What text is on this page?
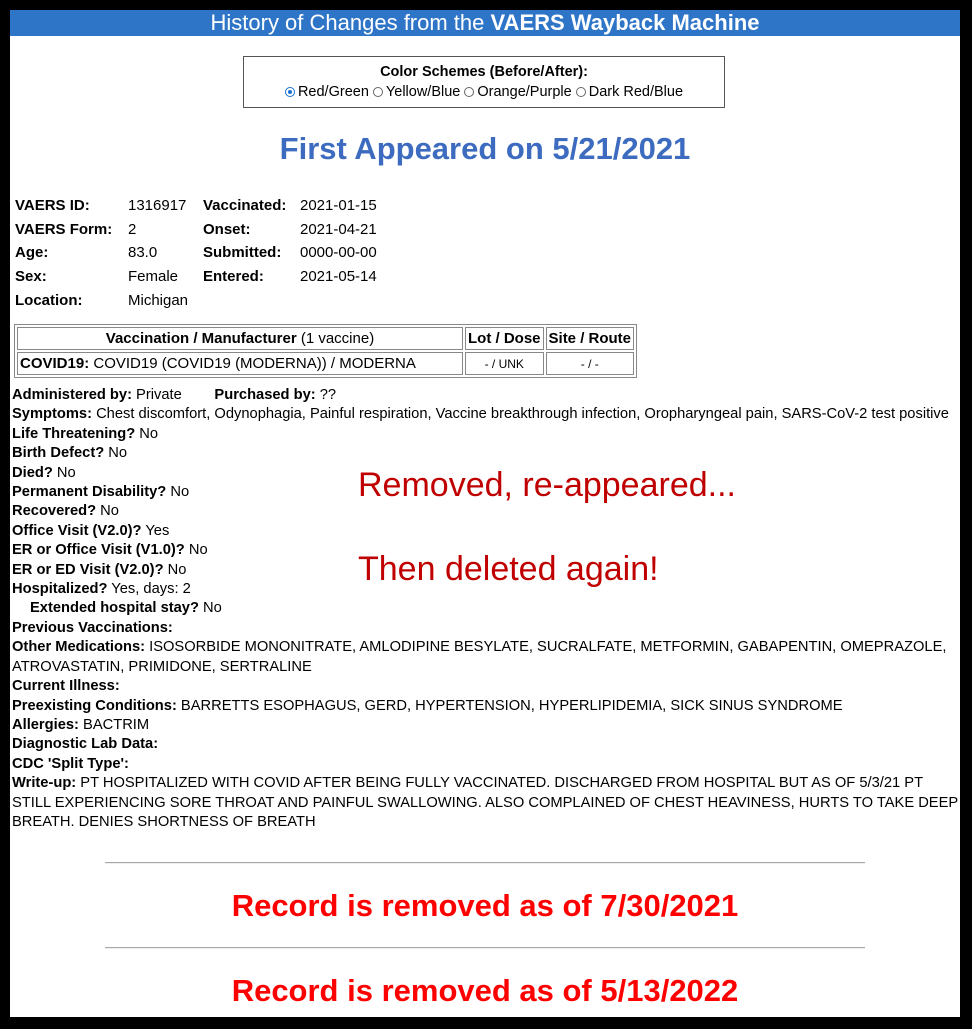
History of Changes from the VAERS Wayback Machine
Color Schemes (Before/After):
Red/Green Yellow/Blue Orange/Purple Dark Red/Blue
First Appeared on 5/21/2021
VAERS ID:	1316917	Vaccinated:	2021-01-15
VAERS Form:	2	Onset:	2021-04-21
Age:	83.0	Submitted:	0000-00-00
Sex:	Female	Entered:	2021-05-14
Location:	Michigan		
Vaccination / Manufacturer (1 vaccine)	Lot / Dose	Site / Route
COVID19: COVID19 (COVID19 (MODERNA)) / MODERNA	- / UNK	- / -
Administered by: Private Purchased by: ??
Symptoms: Chest discomfort, Odynophagia, Painful respiration, Vaccine breakthrough infection, Oropharyngeal pain, SARS-CoV-2 test positive
Life Threatening? No
Birth Defect? No
Died? No
Permanent Disability? No
Recovered? No
Office Visit (V2.0)? Yes
ER or Office Visit (V1.0)? No
ER or ED Visit (V2.0)? No
Hospitalized? Yes, days: 2
Extended hospital stay? No
Previous Vaccinations:
Other Medications: ISOSORBIDE MONONITRATE, AMLODIPINE BESYLATE, SUCRALFATE, METFORMIN, GABAPENTIN, OMEPRAZOLE, ATROVASTATIN, PRIMIDONE, SERTRALINE
Current Illness:
Preexisting Conditions: BARRETTS ESOPHAGUS, GERD, HYPERTENSION, HYPERLIPIDEMIA, SICK SINUS SYNDROME
Allergies: BACTRIM
Diagnostic Lab Data:
CDC 'Split Type':
Write-up: PT HOSPITALIZED WITH COVID AFTER BEING FULLY VACCINATED. DISCHARGED FROM HOSPITAL BUT AS OF 5/3/21 PT STILL EXPERIENCING SORE THROAT AND PAINFUL SWALLOWING. ALSO COMPLAINED OF CHEST HEAVINESS, HURTS TO TAKE DEEP BREATH. DENIES SHORTNESS OF BREATH
Removed, re-appeared...
Then deleted again!
Record is removed as of 7/30/2021
Record is removed as of 5/13/2022
